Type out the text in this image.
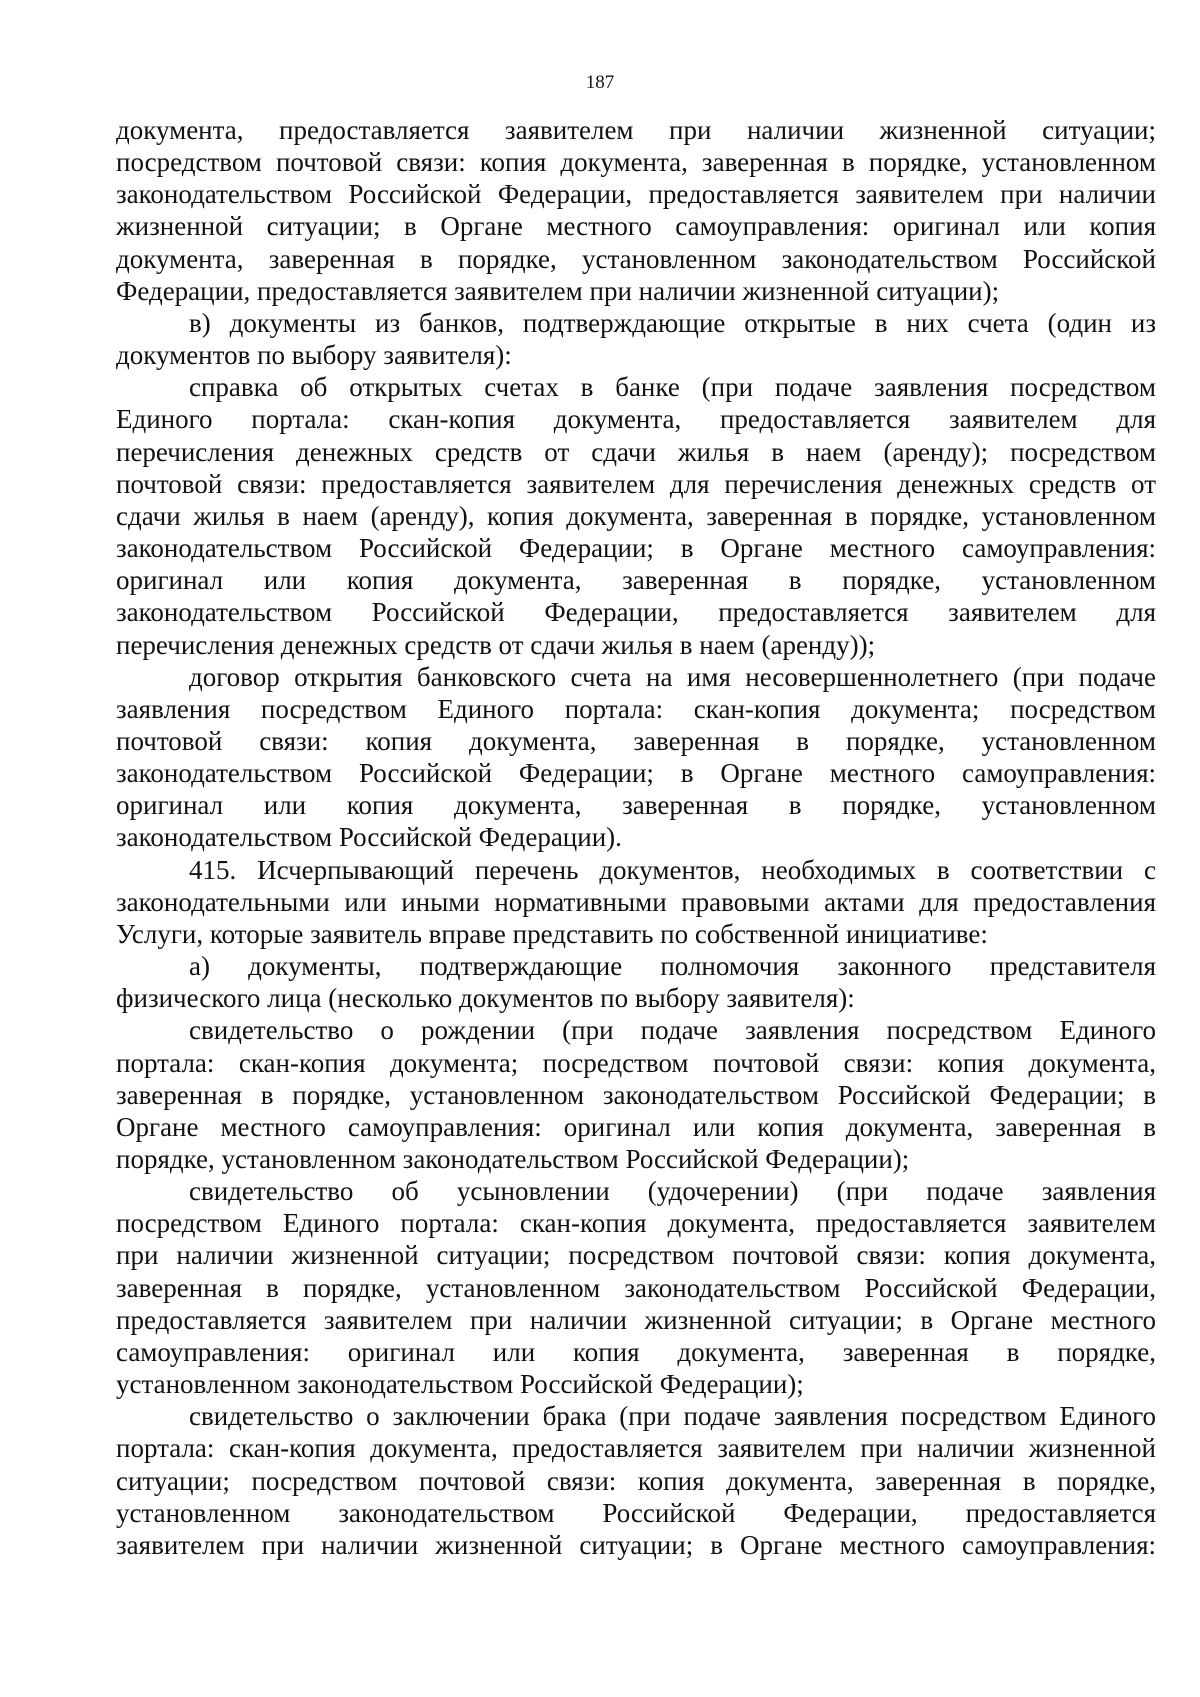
187

документа, предоставляется заявителем при наличии жизненной ситуации;

посредством почтовой связи: копия документа, заверенная в порядке, установленном

законодательством Российской Федерации, предоставляется заявителем при наличии

жизненной ситуации; в Органе местного самоуправления: оригинал или копия

документа, заверенная в порядке, установленном законодательством Российской

Федерации, предоставляется заявителем при наличии жизненной ситуации);

в) документы из банков, подтверждающие открытые в них счета (один из

документов по выбору заявителя):

справка об открытых счетах в банке (при подаче заявления посредством

Единого портала: скан-копия документа, предоставляется заявителем для

перечисления денежных средств от сдачи жилья в наем (аренду); посредством

почтовой связи: предоставляется заявителем для перечисления денежных средств от

сдачи жилья в наем (аренду), копия документа, заверенная в порядке, установленном

законодательством Российской Федерации; в Органе местного самоуправления:

оригинал или копия документа, заверенная в порядке, установленном

законодательством Российской Федерации, предоставляется заявителем для

перечисления денежных средств от сдачи жилья в наем (аренду));

договор открытия банковского счета на имя несовершеннолетнего (при подаче

заявления посредством Единого портала: скан-копия документа; посредством

почтовой связи: копия документа, заверенная в порядке, установленном

законодательством Российской Федерации; в Органе местного самоуправления:

оригинал или копия документа, заверенная в порядке, установленном

законодательством Российской Федерации).

415. Исчерпывающий перечень документов, необходимых в соответствии с

законодательными или иными нормативными правовыми актами для предоставления

Услуги, которые заявитель вправе представить по собственной инициативе:

а) документы, подтверждающие полномочия законного представителя

физического лица (несколько документов по выбору заявителя):

свидетельство о рождении (при подаче заявления посредством Единого

портала: скан-копия документа; посредством почтовой связи: копия документа,

заверенная в порядке, установленном законодательством Российской Федерации; в

Органе местного самоуправления: оригинал или копия документа, заверенная в

порядке, установленном законодательством Российской Федерации);

свидетельство об усыновлении (удочерении) (при подаче заявления

посредством Единого портала: скан-копия документа, предоставляется заявителем

при наличии жизненной ситуации; посредством почтовой связи: копия документа,

заверенная в порядке, установленном законодательством Российской Федерации,

предоставляется заявителем при наличии жизненной ситуации; в Органе местного

самоуправления: оригинал или копия документа, заверенная в порядке,

установленном законодательством Российской Федерации);

свидетельство о заключении брака (при подаче заявления посредством Единого

портала: скан-копия документа, предоставляется заявителем при наличии жизненной

ситуации; посредством почтовой связи: копия документа, заверенная в порядке,

установленном законодательством Российской Федерации, предоставляется

заявителем при наличии жизненной ситуации; в Органе местного самоуправления:
